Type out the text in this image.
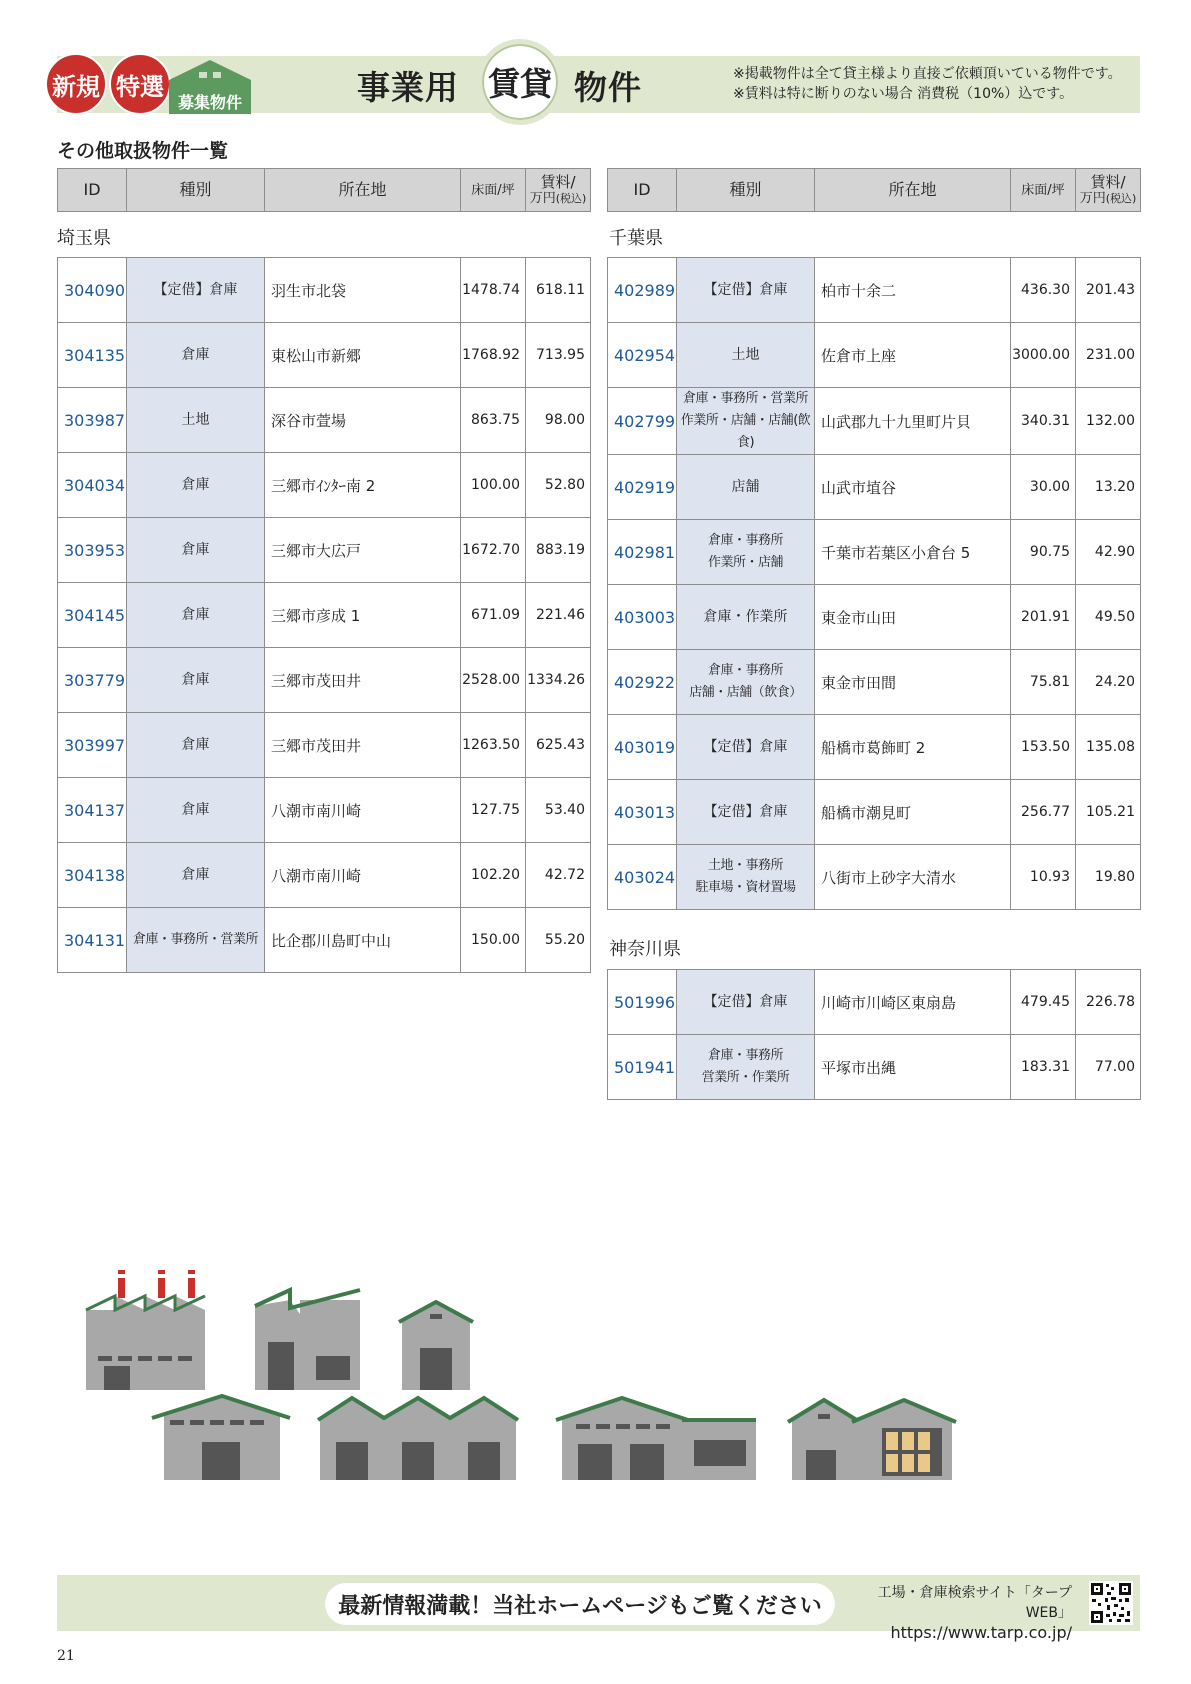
新規 特選
募集物件	事業用 賃貸 物件	※掲載物件は全て貸主様より直接ご依頼頂いている物件です。
※賃料は特に断りのない場合 消費税（10%）込です。
その他取扱物件一覧
ID	種別	所在地	床面/坪	賃料/
万円(税込)
埼玉県
304090	【定借】倉庫	羽生市北袋	1478.74	618.11
304135	倉庫	東松山市新郷	1768.92	713.95
303987	土地	深谷市萱場	863.75	98.00
304034	倉庫	三郷市ｲﾝﾀｰ南 2	100.00	52.80
303953	倉庫	三郷市大広戸	1672.70	883.19
304145	倉庫	三郷市彦成 1	671.09	221.46
303779	倉庫	三郷市茂田井	2528.00	1334.26
303997	倉庫	三郷市茂田井	1263.50	625.43
304137	倉庫	八潮市南川崎	127.75	53.40
304138	倉庫	八潮市南川崎	102.20	42.72
304131	倉庫・事務所・営業所	比企郡川島町中山	150.00	55.20
ID	種別	所在地	床面/坪	賃料/
万円(税込)
千葉県
402989	【定借】倉庫	柏市十余二	436.30	201.43
402954	土地	佐倉市上座	3000.00	231.00
402799	倉庫・事務所・営業所
作業所・店舗・店舗(飲食)	山武郡九十九里町片貝	340.31	132.00
402919	店舗	山武市埴谷	30.00	13.20
402981	倉庫・事務所
作業所・店舗	千葉市若葉区小倉台 5	90.75	42.90
403003	倉庫・作業所	東金市山田	201.91	49.50
402922	倉庫・事務所
店舗・店舗（飲食）	東金市田間	75.81	24.20
403019	【定借】倉庫	船橋市葛飾町 2	153.50	135.08
403013	【定借】倉庫	船橋市潮見町	256.77	105.21
403024	土地・事務所
駐車場・資材置場	八街市上砂字大清水	10.93	19.80
神奈川県
501996	【定借】倉庫	川崎市川崎区東扇島	479.45	226.78
501941	倉庫・事務所
営業所・作業所	平塚市出縄	183.31	77.00
最新情報満載！当社ホームページもご覧ください
工場・倉庫検索サイト「タープWEB」
https://www.tarp.co.jp/
21
